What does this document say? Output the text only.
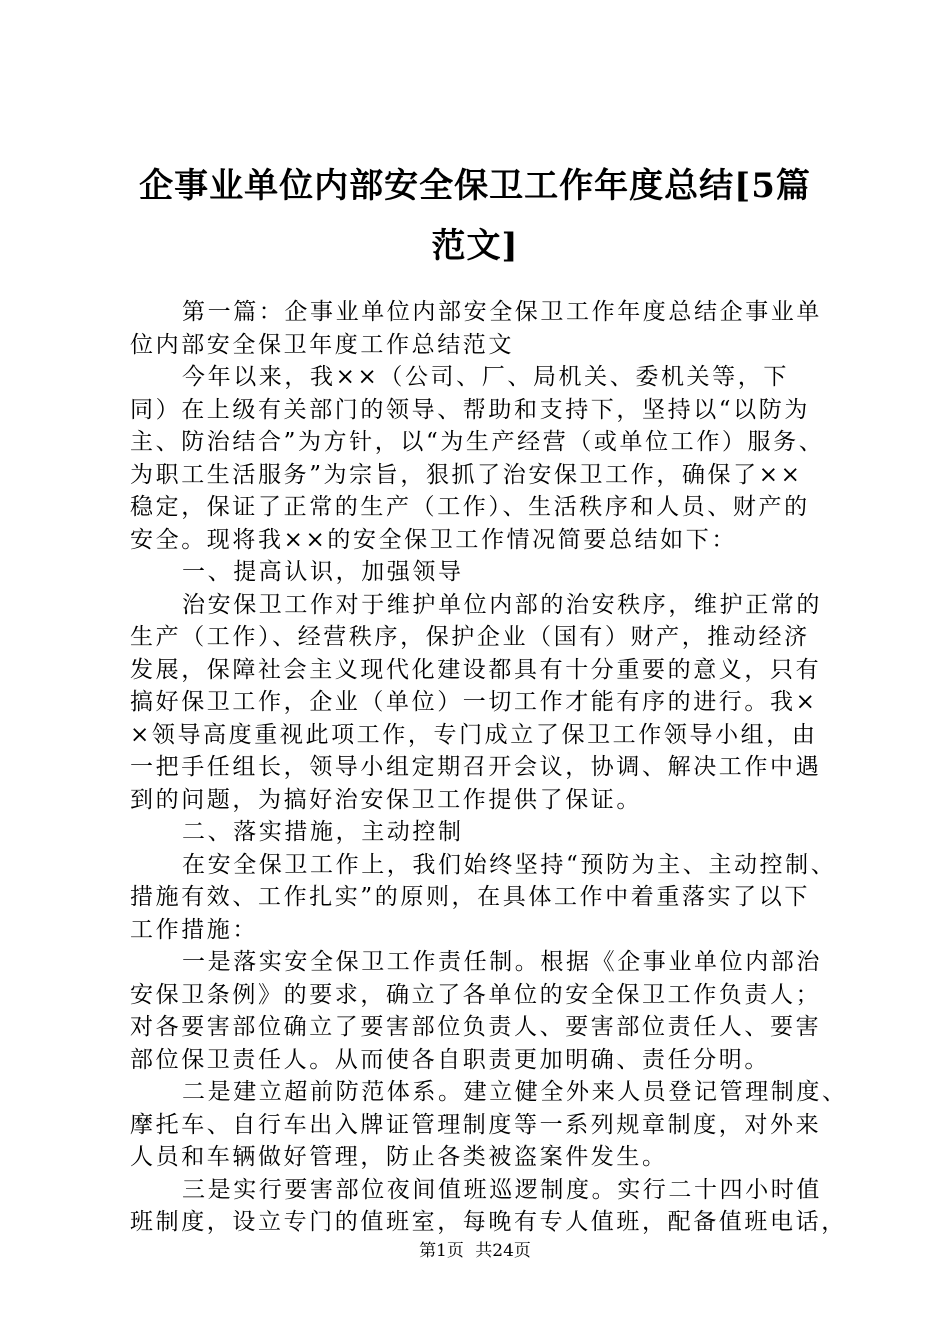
企事业单位内部安全保卫工作年度总结[5篇
范文]
第一篇：企事业单位内部安全保卫工作年度总结企事业单
位内部安全保卫年度工作总结范文
今年以来，我××（公司、厂、局机关、委机关等，下
同）在上级有关部门的领导、帮助和支持下，坚持以“以防为
主、防治结合”为方针，以“为生产经营（或单位工作）服务、
为职工生活服务”为宗旨，狠抓了治安保卫工作，确保了××
稳定，保证了正常的生产（工作）、生活秩序和人员、财产的
安全。现将我××的安全保卫工作情况简要总结如下：
一、提高认识，加强领导
治安保卫工作对于维护单位内部的治安秩序，维护正常的
生产（工作）、经营秩序，保护企业（国有）财产，推动经济
发展，保障社会主义现代化建设都具有十分重要的意义，只有
搞好保卫工作，企业（单位）一切工作才能有序的进行。我×
×领导高度重视此项工作，专门成立了保卫工作领导小组，由
一把手任组长，领导小组定期召开会议，协调、解决工作中遇
到的问题，为搞好治安保卫工作提供了保证。
二、落实措施，主动控制
在安全保卫工作上，我们始终坚持“预防为主、主动控制、
措施有效、工作扎实”的原则，在具体工作中着重落实了以下
工作措施：
一是落实安全保卫工作责任制。根据《企事业单位内部治
安保卫条例》的要求，确立了各单位的安全保卫工作负责人；
对各要害部位确立了要害部位负责人、要害部位责任人、要害
部位保卫责任人。从而使各自职责更加明确、责任分明。
二是建立超前防范体系。建立健全外来人员登记管理制度、
摩托车、自行车出入牌证管理制度等一系列规章制度，对外来
人员和车辆做好管理，防止各类被盗案件发生。
三是实行要害部位夜间值班巡逻制度。实行二十四小时值
班制度，设立专门的值班室，每晚有专人值班，配备值班电话，
第1页 共24页
